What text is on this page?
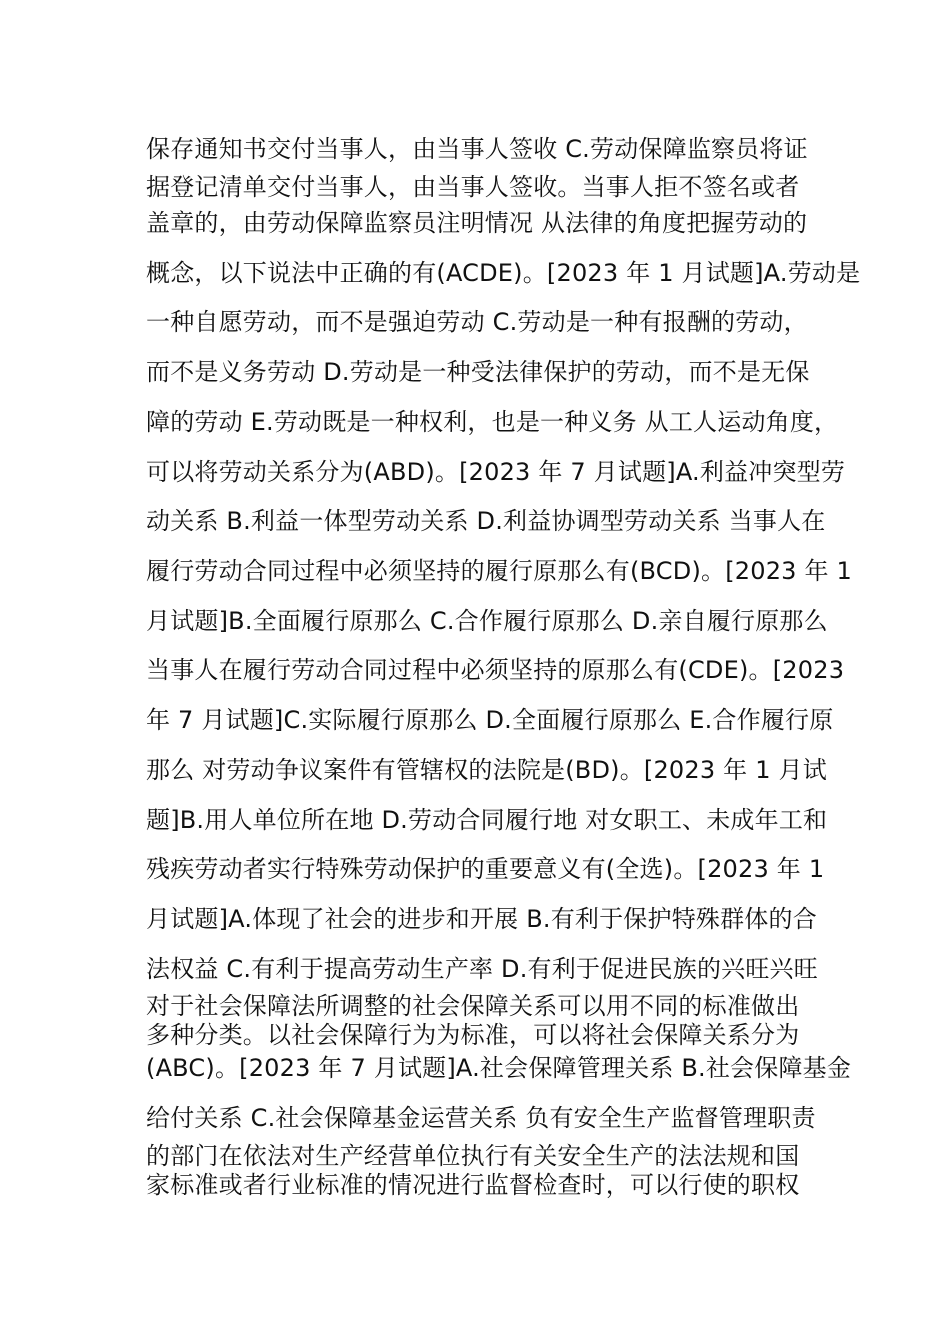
保存通知书交付当事人，由当事人签收 C.劳动保障监察员将证
据登记清单交付当事人，由当事人签收。当事人拒不签名或者
盖章的，由劳动保障监察员注明情况 从法律的角度把握劳动的
概念，以下说法中正确的有(ACDE)。[2023 年 1 月试题]A.劳动是
一种自愿劳动，而不是强迫劳动 C.劳动是一种有报酬的劳动，
而不是义务劳动 D.劳动是一种受法律保护的劳动，而不是无保
障的劳动 E.劳动既是一种权利，也是一种义务 从工人运动角度，
可以将劳动关系分为(ABD)。[2023 年 7 月试题]A.利益冲突型劳
动关系 B.利益一体型劳动关系 D.利益协调型劳动关系 当事人在
履行劳动合同过程中必须坚持的履行原那么有(BCD)。[2023 年 1
月试题]B.全面履行原那么 C.合作履行原那么 D.亲自履行原那么
当事人在履行劳动合同过程中必须坚持的原那么有(CDE)。[2023
年 7 月试题]C.实际履行原那么 D.全面履行原那么 E.合作履行原
那么 对劳动争议案件有管辖权的法院是(BD)。[2023 年 1 月试
题]B.用人单位所在地 D.劳动合同履行地 对女职工、未成年工和
残疾劳动者实行特殊劳动保护的重要意义有(全选)。[2023 年 1
月试题]A.体现了社会的进步和开展 B.有利于保护特殊群体的合
法权益 C.有利于提高劳动生产率 D.有利于促进民族的兴旺兴旺
对于社会保障法所调整的社会保障关系可以用不同的标准做出
多种分类。以社会保障行为为标准，可以将社会保障关系分为
(ABC)。[2023 年 7 月试题]A.社会保障管理关系 B.社会保障基金
给付关系 C.社会保障基金运营关系 负有安全生产监督管理职责
的部门在依法对生产经营单位执行有关安全生产的法法规和国
家标准或者行业标准的情况进行监督检查时，可以行使的职权
